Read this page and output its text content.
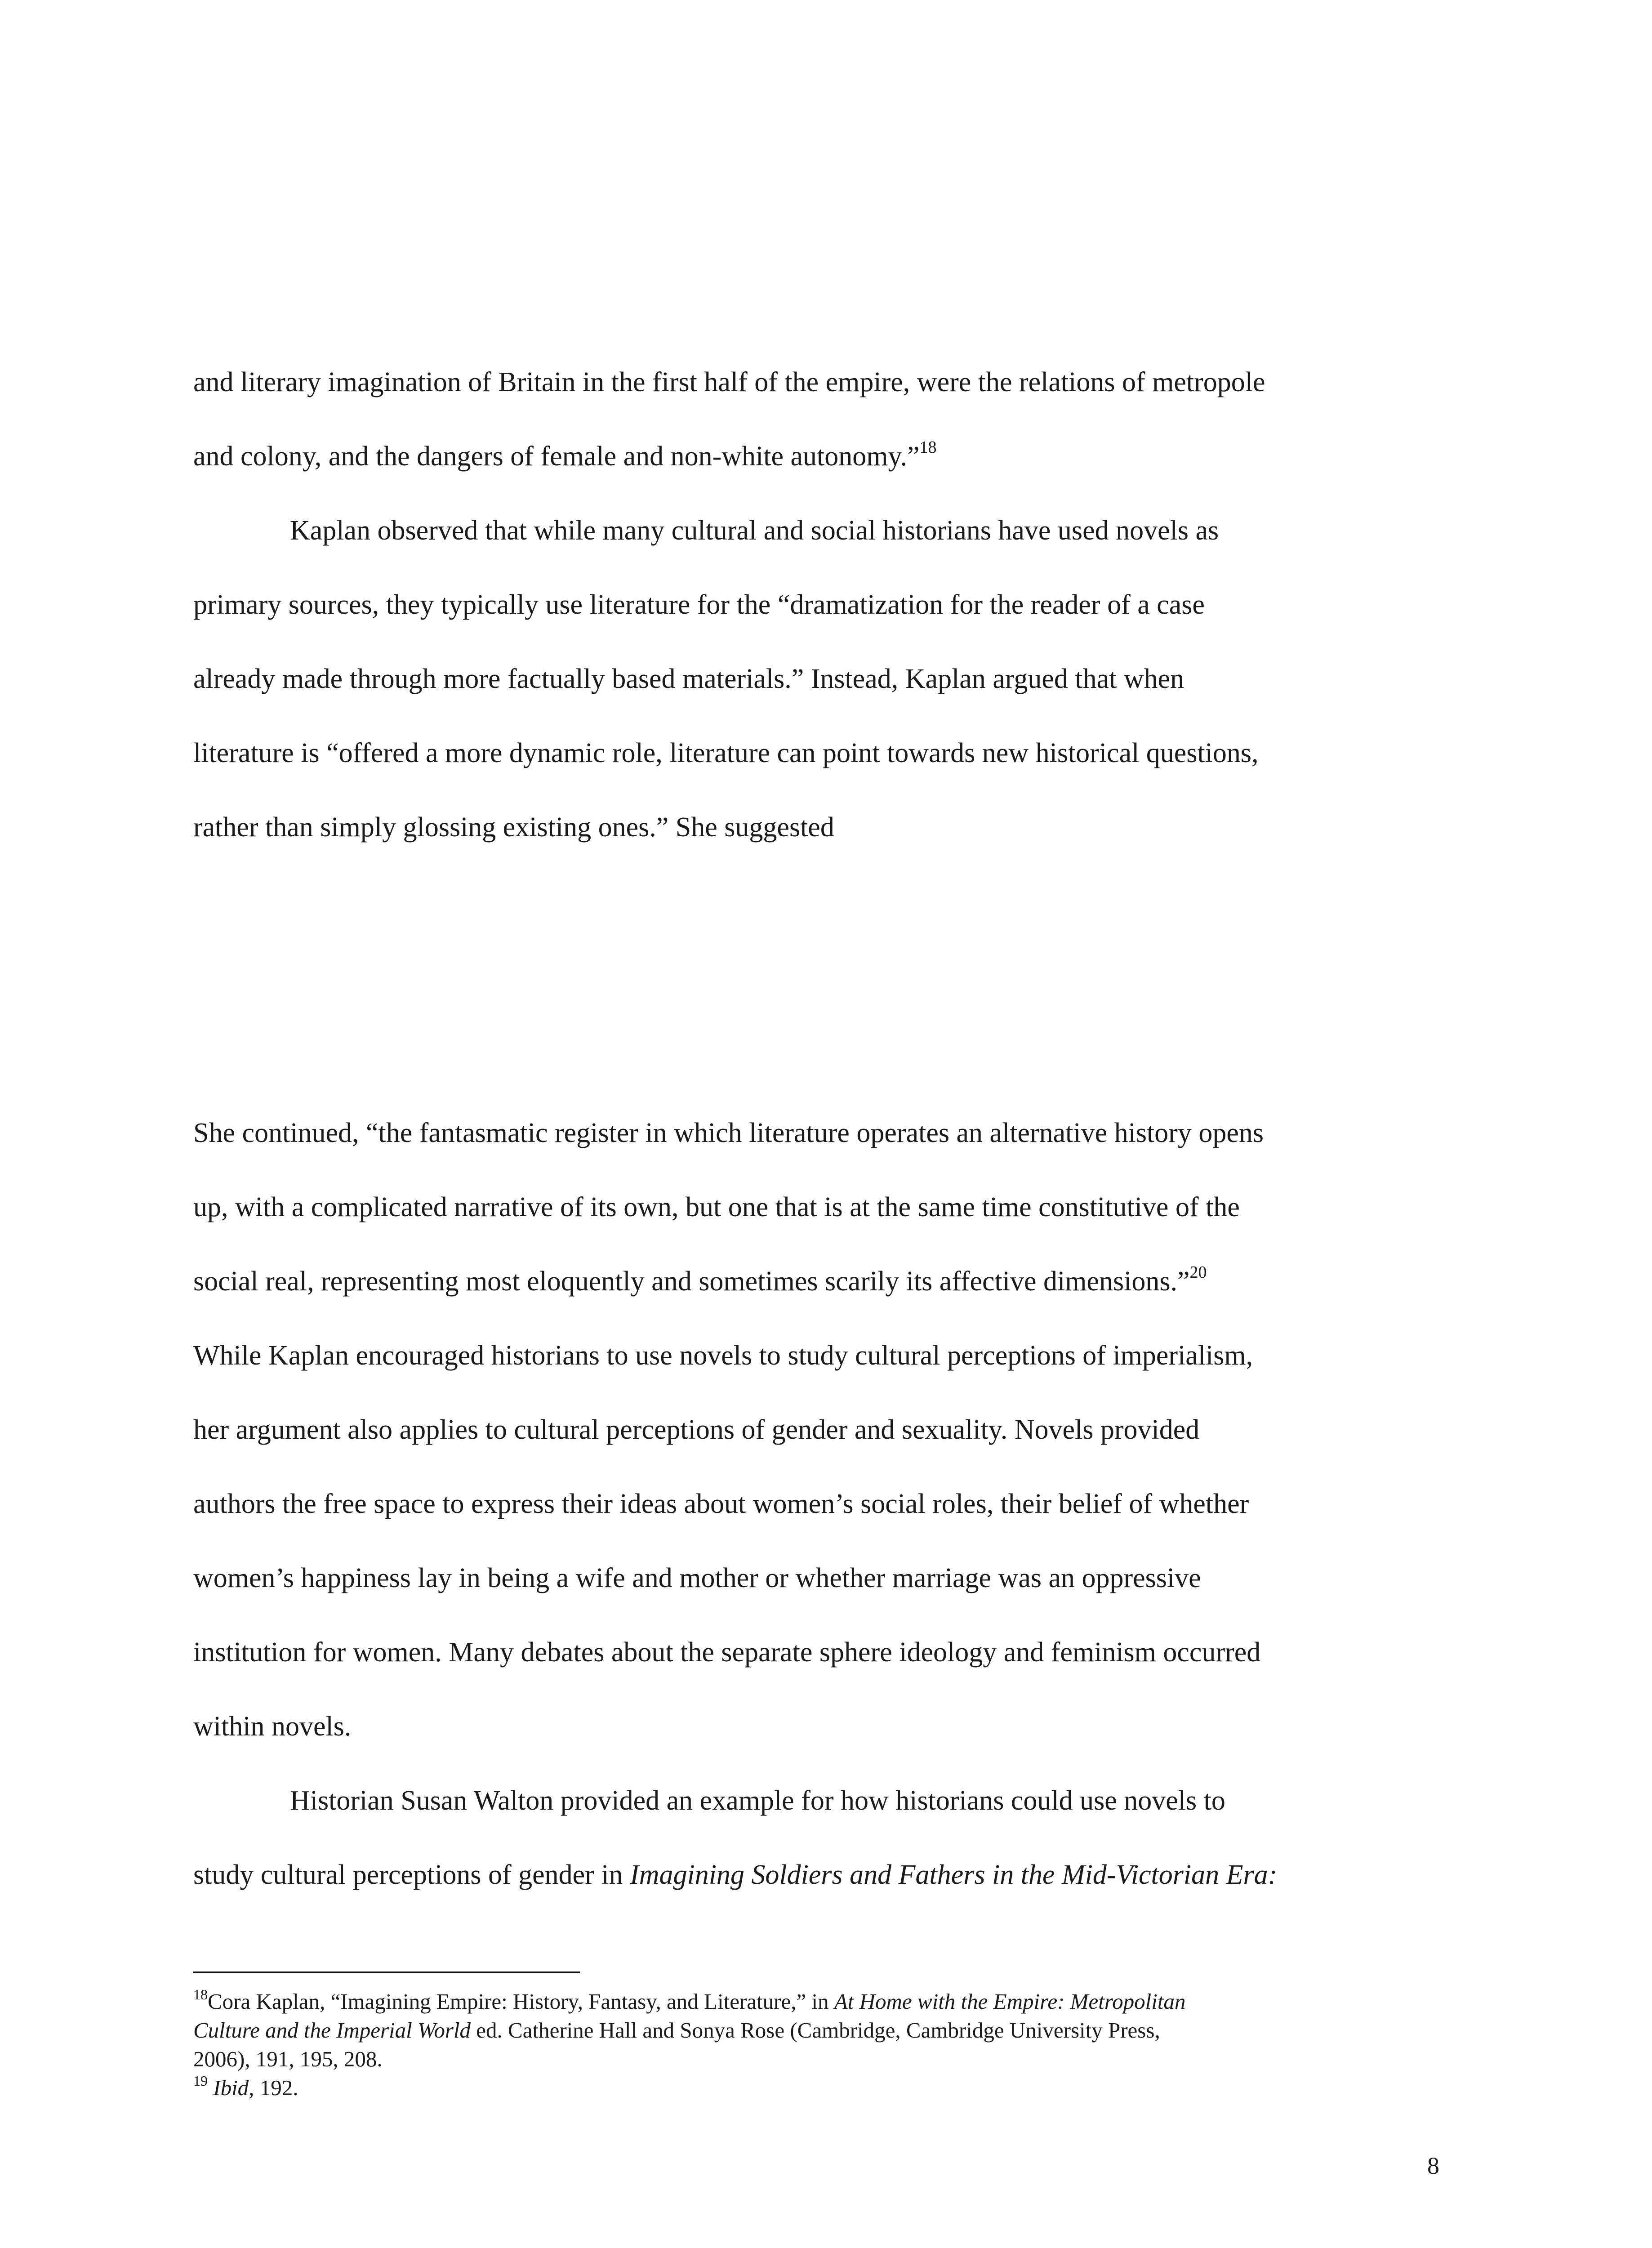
and literary imagination of Britain in the first half of the empire, were the relations of metropole
and colony, and the dangers of female and non-white autonomy.”$^{18}$
Kaplan observed that while many cultural and social historians have used novels as
primary sources, they typically use literature for the “dramatization for the reader of a case
already made through more factually based materials.” Instead, Kaplan argued that when
literature is “offered a more dynamic role, literature can point towards new historical questions,
rather than simply glossing existing ones.” She suggested
She continued, “the fantasmatic register in which literature operates an alternative history opens
up, with a complicated narrative of its own, but one that is at the same time constitutive of the
social real, representing most eloquently and sometimes scarily its affective dimensions.”$^{20}$
While Kaplan encouraged historians to use novels to study cultural perceptions of imperialism,
her argument also applies to cultural perceptions of gender and sexuality. Novels provided
authors the free space to express their ideas about women’s social roles, their belief of whether
women’s happiness lay in being a wife and mother or whether marriage was an oppressive
institution for women. Many debates about the separate sphere ideology and feminism occurred
within novels.
Historian Susan Walton provided an example for how historians could use novels to
study cultural perceptions of gender in Imagining Soldiers and Fathers in the Mid-Victorian Era:
$^{18}$Cora Kaplan, “Imagining Empire: History, Fantasy, and Literature,” in At Home with the Empire: Metropolitan
Culture and the Imperial World ed. Catherine Hall and Sonya Rose (Cambridge, Cambridge University Press,
2006), 191, 195, 208.
$^{19}$ Ibid, 192.
8
